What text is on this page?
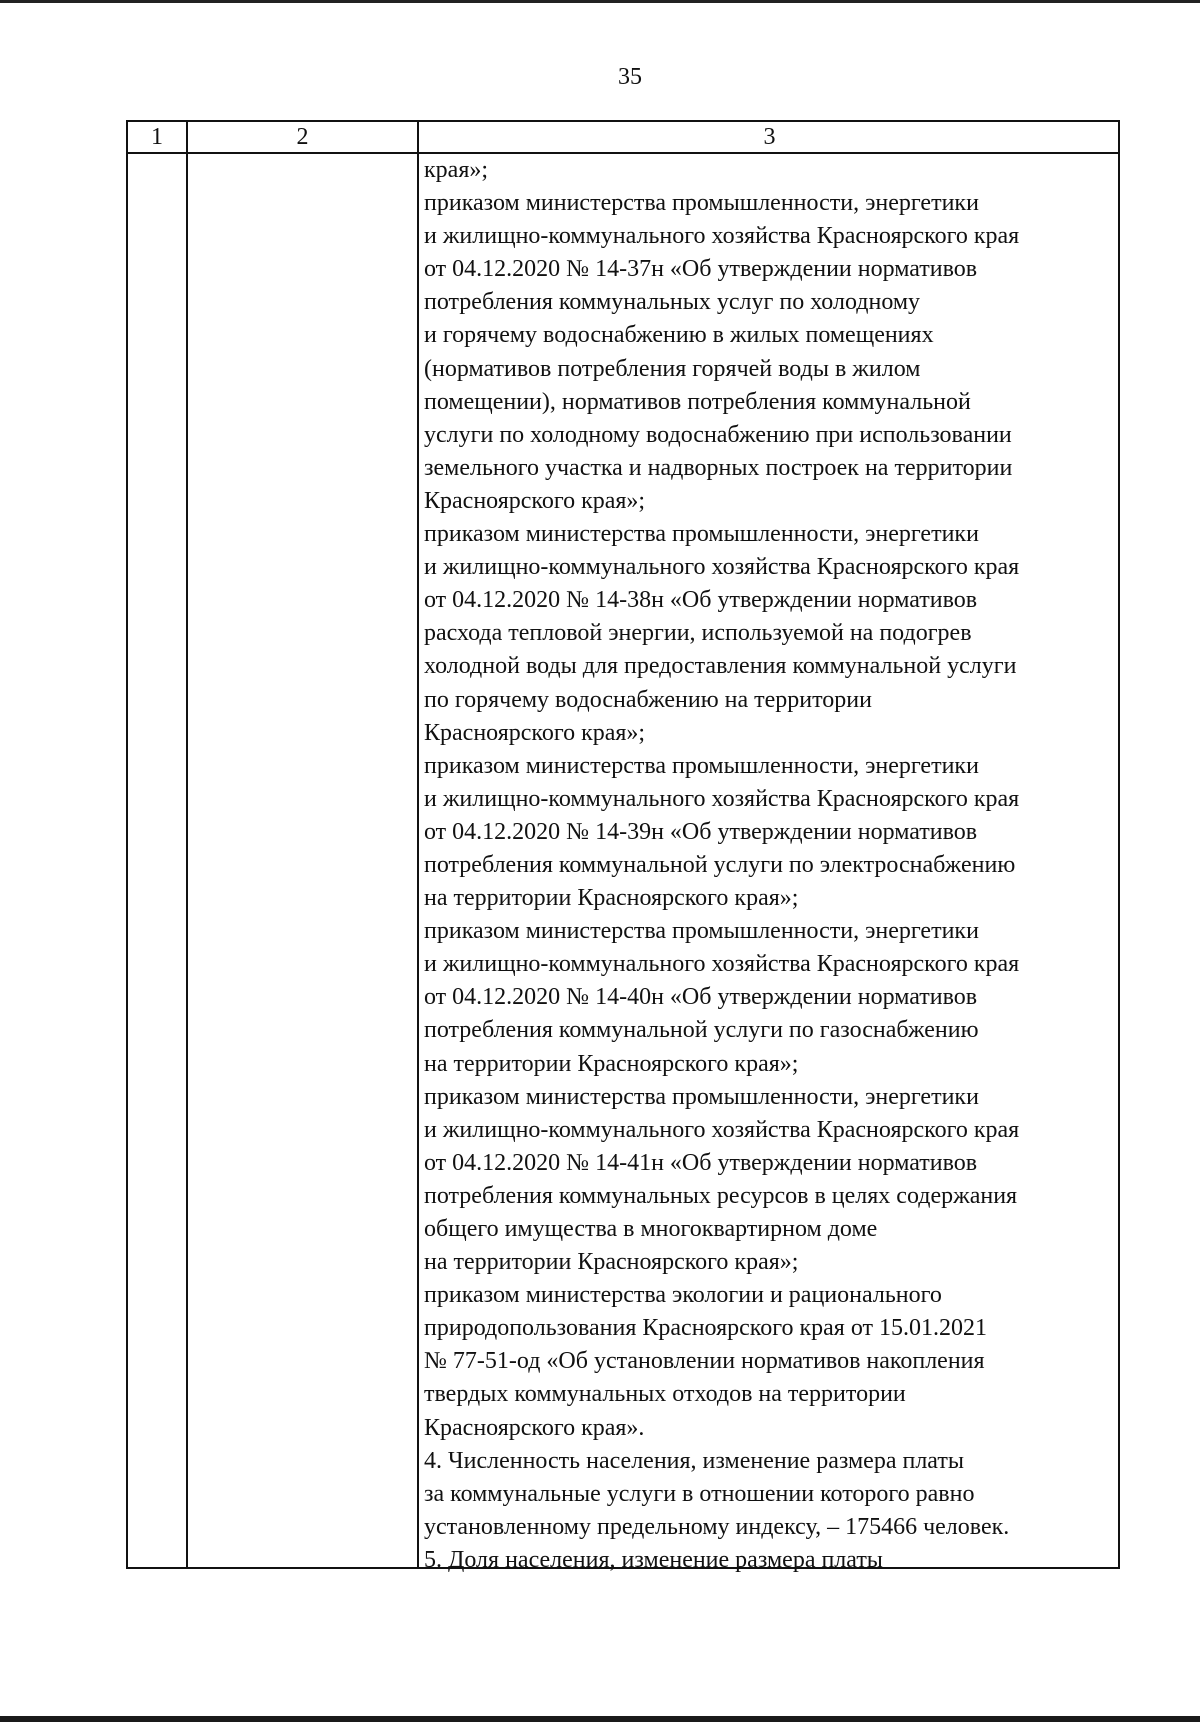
35
1	2	3
края»;
приказом министерства промышленности, энергетики
и жилищно-коммунального хозяйства Красноярского края
от 04.12.2020 № 14-37н «Об утверждении нормативов
потребления коммунальных услуг по холодному
и горячему водоснабжению в жилых помещениях
(нормативов потребления горячей воды в жилом
помещении), нормативов потребления коммунальной
услуги по холодному водоснабжению при использовании
земельного участка и надворных построек на территории
Красноярского края»;
приказом министерства промышленности, энергетики
и жилищно-коммунального хозяйства Красноярского края
от 04.12.2020 № 14-38н «Об утверждении нормативов
расхода тепловой энергии, используемой на подогрев
холодной воды для предоставления коммунальной услуги
по горячему водоснабжению на территории
Красноярского края»;
приказом министерства промышленности, энергетики
и жилищно-коммунального хозяйства Красноярского края
от 04.12.2020 № 14-39н «Об утверждении нормативов
потребления коммунальной услуги по электроснабжению
на территории Красноярского края»;
приказом министерства промышленности, энергетики
и жилищно-коммунального хозяйства Красноярского края
от 04.12.2020 № 14-40н «Об утверждении нормативов
потребления коммунальной услуги по газоснабжению
на территории Красноярского края»;
приказом министерства промышленности, энергетики
и жилищно-коммунального хозяйства Красноярского края
от 04.12.2020 № 14-41н «Об утверждении нормативов
потребления коммунальных ресурсов в целях содержания
общего имущества в многоквартирном доме
на территории Красноярского края»;
приказом министерства экологии и рационального
природопользования Красноярского края от 15.01.2021
№ 77-51-од «Об установлении нормативов накопления
твердых коммунальных отходов на территории
Красноярского края».
4. Численность населения, изменение размера платы
за коммунальные услуги в отношении которого равно
установленному предельному индексу, – 175466 человек.
5. Доля населения, изменение размера платы
